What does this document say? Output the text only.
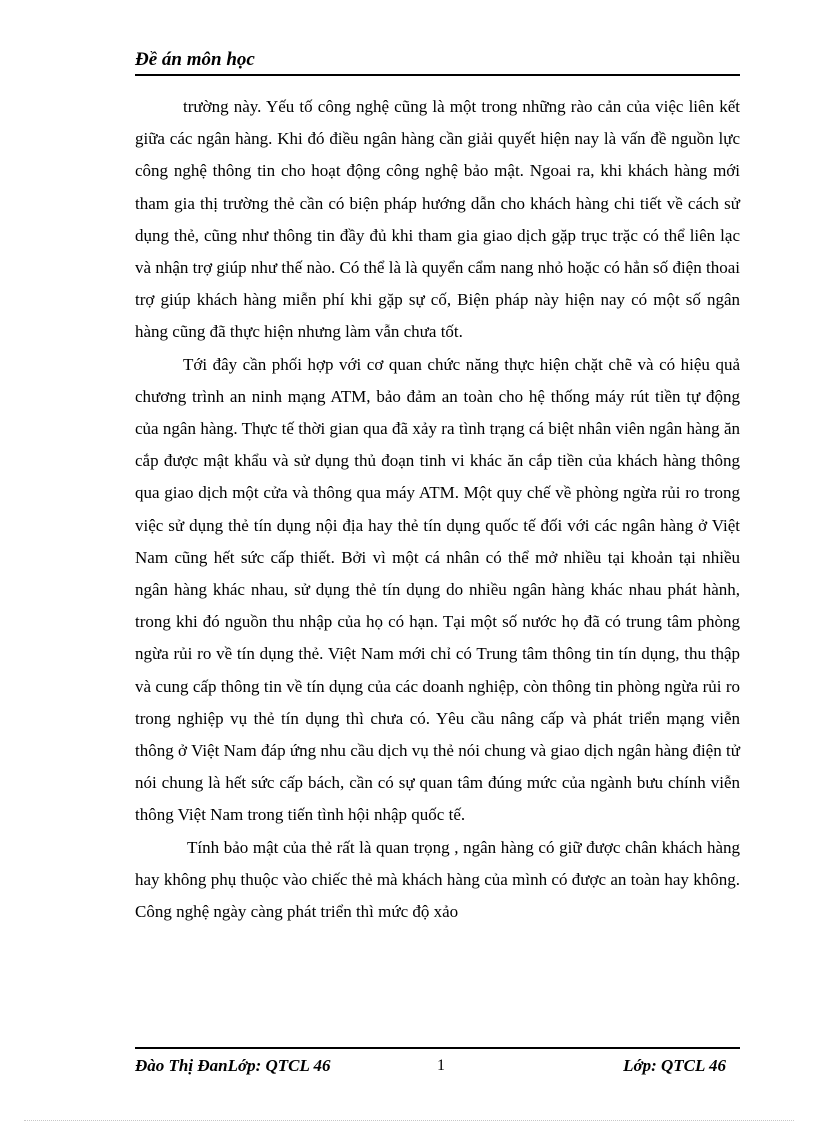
Đề án môn học

trường này. Yếu tố công nghệ cũng là một trong những rào cản của việc liên kết giữa các ngân hàng. Khi đó điều ngân hàng cần giải quyết hiện nay là vấn đề nguồn lực công nghệ thông tin cho hoạt động công nghệ bảo mật. Ngoai ra, khi khách hàng mới tham gia thị trường thẻ cần có biện pháp hướng dẫn cho khách hàng chi tiết về cách sử dụng thẻ, cũng như thông tin đầy đủ khi tham gia giao dịch gặp trục trặc có thể liên lạc và nhận trợ giúp như thế nào. Có thể là là quyển cẩm nang nhỏ hoặc có hẳn số điện thoai trợ giúp khách hàng miễn phí khi gặp sự cố, Biện pháp này hiện nay có một số ngân hàng cũng đã thực hiện nhưng làm vẫn chưa tốt.

Tới đây cần phối hợp với cơ quan chức năng thực hiện chặt chẽ và có hiệu quả chương trình an ninh mạng ATM, bảo đảm an toàn cho hệ thống máy rút tiền tự động của ngân hàng. Thực tế thời gian qua đã xảy ra tình trạng cá biệt nhân viên ngân hàng ăn cắp được mật khẩu và sử dụng thủ đoạn tinh vi khác ăn cắp tiền của khách hàng thông qua giao dịch một cửa và thông qua máy ATM. Một quy chế về phòng ngừa rủi ro trong việc sử dụng thẻ tín dụng nội địa hay thẻ tín dụng quốc tế đối với các ngân hàng ở Việt Nam cũng hết sức cấp thiết. Bởi vì một cá nhân có thể mở nhiều tại khoản tại nhiều ngân hàng khác nhau, sử dụng thẻ tín dụng do nhiều ngân hàng khác nhau phát hành, trong khi đó nguồn thu nhập của họ có hạn. Tại một số nước họ đã có trung tâm phòng ngừa rủi ro về tín dụng thẻ. Việt Nam mới chỉ có Trung tâm thông tin tín dụng, thu thập và cung cấp thông tin về tín dụng của các doanh nghiệp, còn thông tin phòng ngừa rủi ro trong nghiệp vụ thẻ tín dụng thì chưa có. Yêu cầu nâng cấp và phát triển mạng viễn thông ở Việt Nam đáp ứng nhu cầu dịch vụ thẻ nói chung và giao dịch ngân hàng điện tử nói chung là hết sức cấp bách, cần có sự quan tâm đúng mức của ngành bưu chính viễn thông Việt Nam trong tiến tình hội nhập quốc tế.

Tính bảo mật của thẻ rất là quan trọng , ngân hàng có giữ được chân khách hàng hay không phụ thuộc vào chiếc thẻ mà khách hàng của mình có được an toàn hay không. Công nghệ ngày càng phát triển thì mức độ xảo

Đào Thị ĐanLớp: QTCL 46	1	Lớp: QTCL 46
